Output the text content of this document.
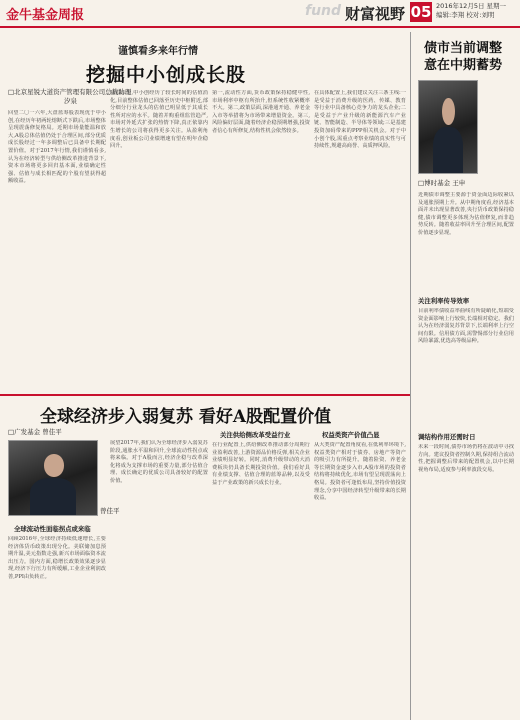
金牛基金周报	fund 财富视野 05 2016年12月5日 星期一
编辑:李翔 校对:刘明
谨慎看多来年行情
挖掘中小创成长股
□北京星锐大道资产管理有限公司总裁助理
汐泉
回望二〇一六年,大盘蓝筹股表现优于中小创,在经历年初两轮熔断式下跌后,市场整体呈现震荡修复格局。近期市场量能温和放大,A股总体估值仍处于合理区间,部分优质成长股经过一年多调整后已具备中长期配置价值。对于2017年行情,我们谨慎看多,认为在经济转型与供给侧改革推进背景下,资本市场将更多回归基本面,业绩确定性强、估值与成长相匹配的个股有望获得超额收益。
我们认为,中小创经历了较长时间的估值消化,目前整体估值已回落至历史中枢附近,部分细分行业龙头的估值已明显低于其成长性所对应的水平。随着并购重组监管趋严,市场对外延式扩张的热情下降,真正依靠内生增长的公司将获得更多关注。从盈利角度看,创业板公司业绩增速有望在明年企稳回升。
第一,流动性方面,货币政策保持稳健中性,市场利率中枢有所抬升,但系统性收紧概率不大。第二,政策层面,深港通开通、养老金入市等举措将为市场带来增量资金。第三,风险偏好层面,随着经济企稳预期增强,投资者信心有所修复,结构性机会依然较多。
在具体配置上,我们建议关注三条主线:一是受益于消费升级的医药、传媒、教育等行业中具备核心竞争力的龙头企业;二是受益于产业升级的新能源汽车产业链、智能制造、半导体等领域;三是基建投资加码带来的PPP相关机会。对于中小创个股,需重点考察业绩的真实性与可持续性,规避高商誉、高质押风险。
债市当前调整意在中期蓄势
□博时基金 王申
近期债市调整主要源于资金面边际收紧以及通胀预期上升。从中期角度看,经济基本面并未出现显著改善,央行货币政策保持稳健,债市调整更多体现为估值修复,而非趋势反转。随着收益率回升至合理区间,配置价值逐步显现。
关注利率传导效率
目前利率债收益率曲线有所陡峭化,短端受资金面影响上行较快,长端相对稳定。我们认为在经济弱复苏背景下,长端利率上行空间有限。信用债方面,需警惕部分行业信用风险暴露,优选高等级品种。
调结构作用还需时日
未来一段时间,债券市场仍将在波动中寻找方向。建议投资者控制久期,保持组合流动性,把握调整后带来的配置机会,以中长期视角布局,适度参与利率波段交易。
全球经济步入弱复苏 看好A股配置价值
□广发基金 曾佳平
曾佳平
全球流动性面临拐点或来临
回顾2016年,全球经济持续低速增长,主要经济体货币政策出现分化。美联储加息预期升温,美元指数走强,新兴市场面临资本流出压力。国内方面,稳增长政策效果逐步显现,经济下行压力有所缓解,工业企业利润改善,PPI由负转正。
展望2017年,我们认为全球经济步入弱复苏阶段,通胀水平温和回升,全球流动性拐点或将来临。对于A股而言,经济企稳与改革深化将成为支撑市场的重要力量,部分估值合理、成长确定的优质公司具备较好的配置价值。
关注供给侧改革受益行业
在行业配置上,供给侧改革推动部分周期行业盈利改善,上游资源品价格反弹,相关企业业绩明显好转。同时,消费升级带动的大消费板块仍具备长期投资价值。我们看好具有业绩支撑、估值合理的蓝筹品种,以及受益于产业政策的新兴成长行业。
权益类资产价值凸显
从大类资产配置角度看,在低利率环境下,权益类资产相对于债券、房地产等资产的吸引力有所提升。随着险资、养老金等长期资金逐步入市,A股市场的投资者结构将持续优化,市场有望呈现震荡向上格局。投资者可逢低布局,坚持价值投资理念,分享中国经济转型升级带来的长期收益。
